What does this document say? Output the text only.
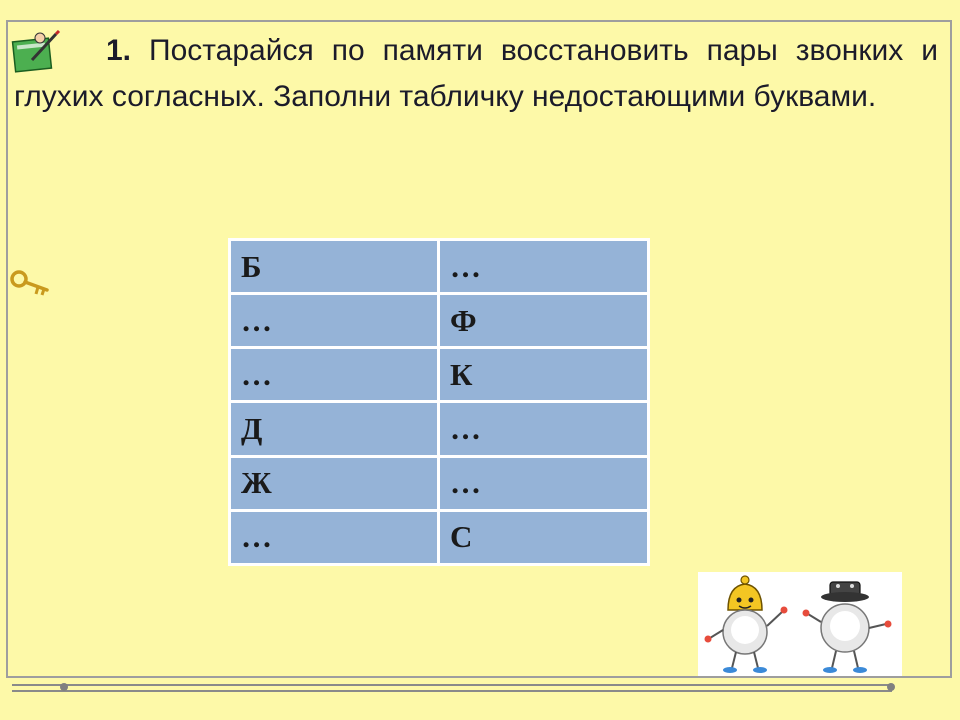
1. Постарайся по памяти восстановить пары звонких и глухих согласных. Заполни табличку недостающими буквами.
Б	…
…	Ф
…	К
Д	…
Ж	…
…	С
